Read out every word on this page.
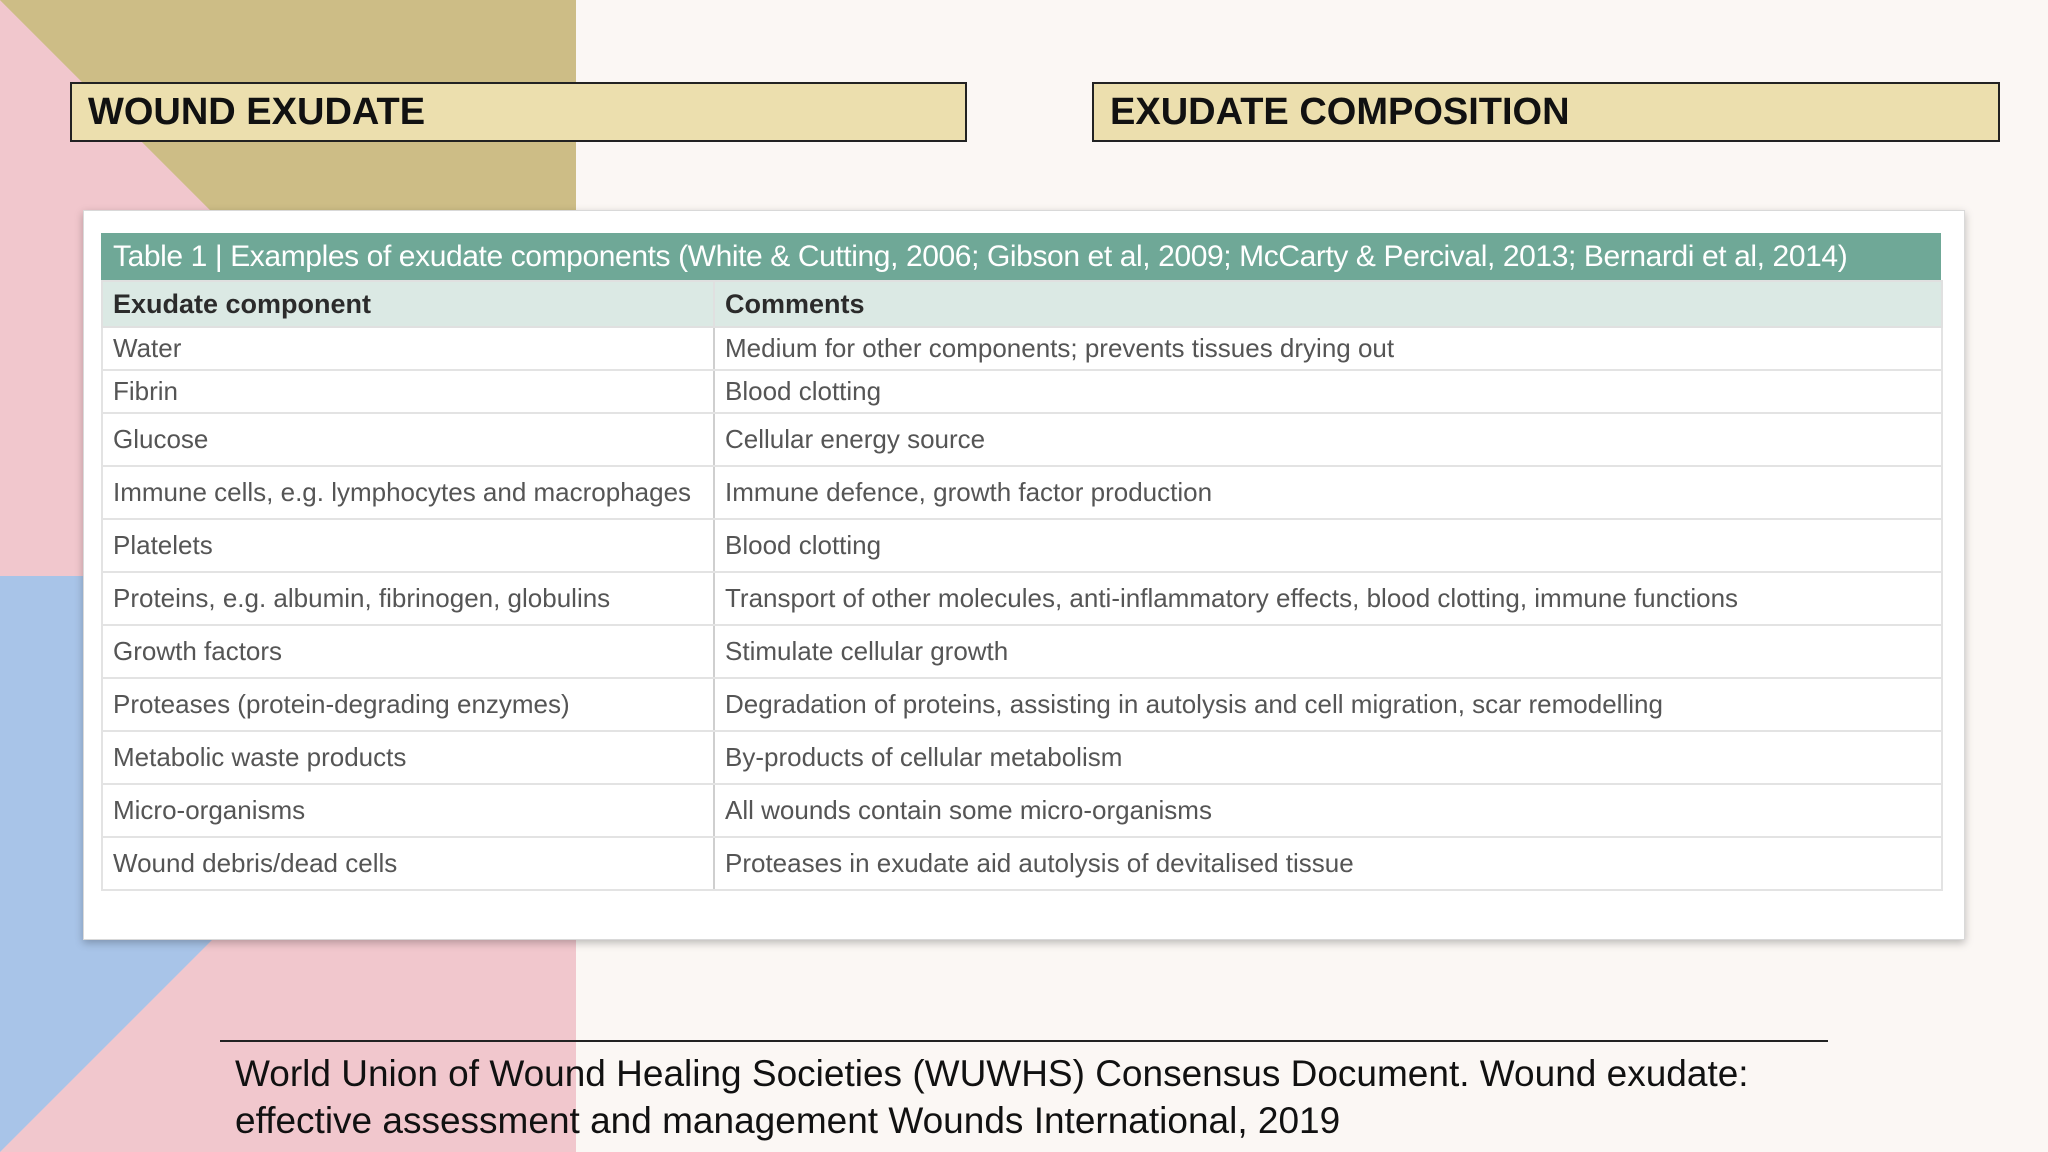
WOUND EXUDATE	EXUDATE COMPOSITION
Table 1 | Examples of exudate components (White & Cutting, 2006; Gibson et al, 2009; McCarty & Percival, 2013; Bernardi et al, 2014)
Exudate component	Comments
Water	Medium for other components; prevents tissues drying out
Fibrin	Blood clotting
Glucose	Cellular energy source
Immune cells, e.g. lymphocytes and macrophages	Immune defence, growth factor production
Platelets	Blood clotting
Proteins, e.g. albumin, fibrinogen, globulins	Transport of other molecules, anti-inflammatory effects, blood clotting, immune functions
Growth factors	Stimulate cellular growth
Proteases (protein-degrading enzymes)	Degradation of proteins, assisting in autolysis and cell migration, scar remodelling
Metabolic waste products	By-products of cellular metabolism
Micro-organisms	All wounds contain some micro-organisms
Wound debris/dead cells	Proteases in exudate aid autolysis of devitalised tissue
World Union of Wound Healing Societies (WUWHS) Consensus Document. Wound exudate:
effective assessment and management Wounds International, 2019
